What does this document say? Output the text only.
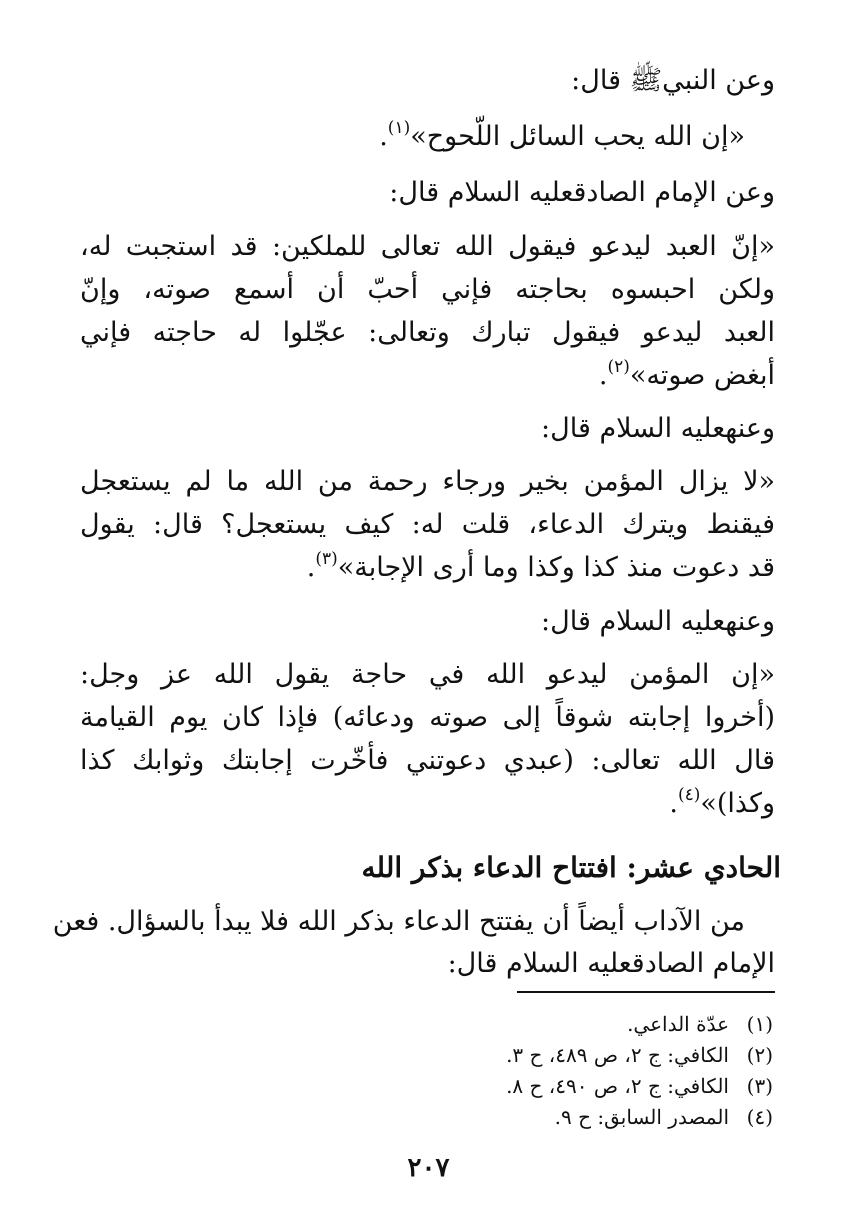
وعن النبيﷺ قال:
«إن الله يحب السائل اللّحوح»$^{(١)}$.
وعن الإمام الصادقعليه السلام قال:
«إنّ العبد ليدعو فيقول الله تعالى للملكين: قد استجبت له،
ولكن احبسوه بحاجته فإني أحبّ أن أسمع صوته، وإنّ
العبد ليدعو فيقول تبارك وتعالى: عجّلوا له حاجته فإني
أبغض صوته»$^{(٢)}$.
وعنهعليه السلام قال:
«لا يزال المؤمن بخير ورجاء رحمة من الله ما لم يستعجل
فيقنط ويترك الدعاء، قلت له: كيف يستعجل؟ قال: يقول
قد دعوت منذ كذا وكذا وما أرى الإجابة»$^{(٣)}$.
وعنهعليه السلام قال:
«إن المؤمن ليدعو الله في حاجة يقول الله عز وجل:
(أخروا إجابته شوقاً إلى صوته ودعائه) فإذا كان يوم القيامة
قال الله تعالى: (عبدي دعوتني فأخّرت إجابتك وثوابك كذا
وكذا)»$^{(٤)}$.
الحادي عشر: افتتاح الدعاء بذكر الله
من الآداب أيضاً أن يفتتح الدعاء بذكر الله فلا يبدأ بالسؤال. فعن
الإمام الصادقعليه السلام قال:
(١)
عدّة الداعي.
(٢)
الكافي: ج ٢، ص ٤٨٩، ح ٣.
(٣)
الكافي: ج ٢، ص ٤٩٠، ح ٨.
(٤)
المصدر السابق: ح ٩.
٢٠٧
